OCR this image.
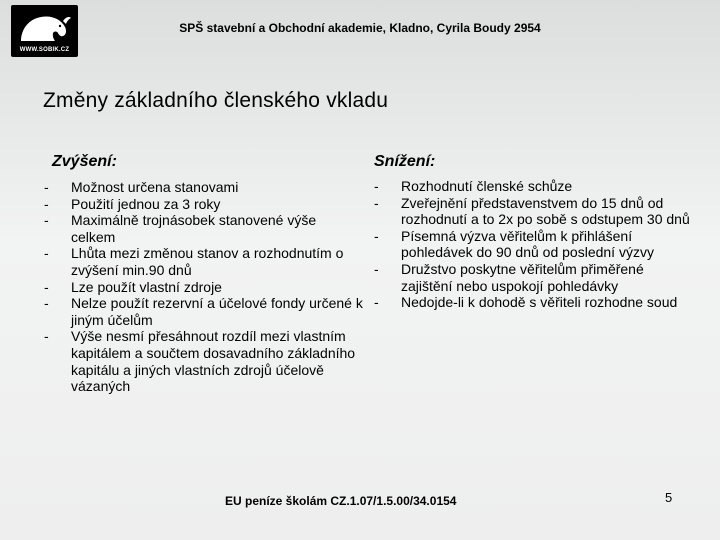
WWW.SOBIK.CZ
SPŠ stavební a Obchodní akademie, Kladno, Cyrila Boudy 2954
Změny základního členského vkladu
Zvýšení:	Snížení:
- Možnost určena stanovami
- Použití jednou za 3 roky
- Maximálně trojnásobek stanovené výše celkem
- Lhůta mezi změnou stanov a rozhodnutím o zvýšení min.90 dnů
- Lze použít vlastní zdroje
- Nelze použít rezervní a účelové fondy určené k jiným účelům
- Výše nesmí přesáhnout rozdíl mezi vlastním kapitálem a součtem dosavadního základního kapitálu a jiných vlastních zdrojů účelově vázaných
- Rozhodnutí členské schůze
- Zveřejnění představenstvem do 15 dnů od rozhodnutí a to 2x po sobě s odstupem 30 dnů
- Písemná výzva věřitelům k přihlášení pohledávek do 90 dnů od poslední výzvy
- Družstvo poskytne věřitelům přiměřené zajištění nebo uspokojí pohledávky
- Nedojde-li k dohodě s věřiteli rozhodne soud
EU peníze školám CZ.1.07/1.5.00/34.0154	5
